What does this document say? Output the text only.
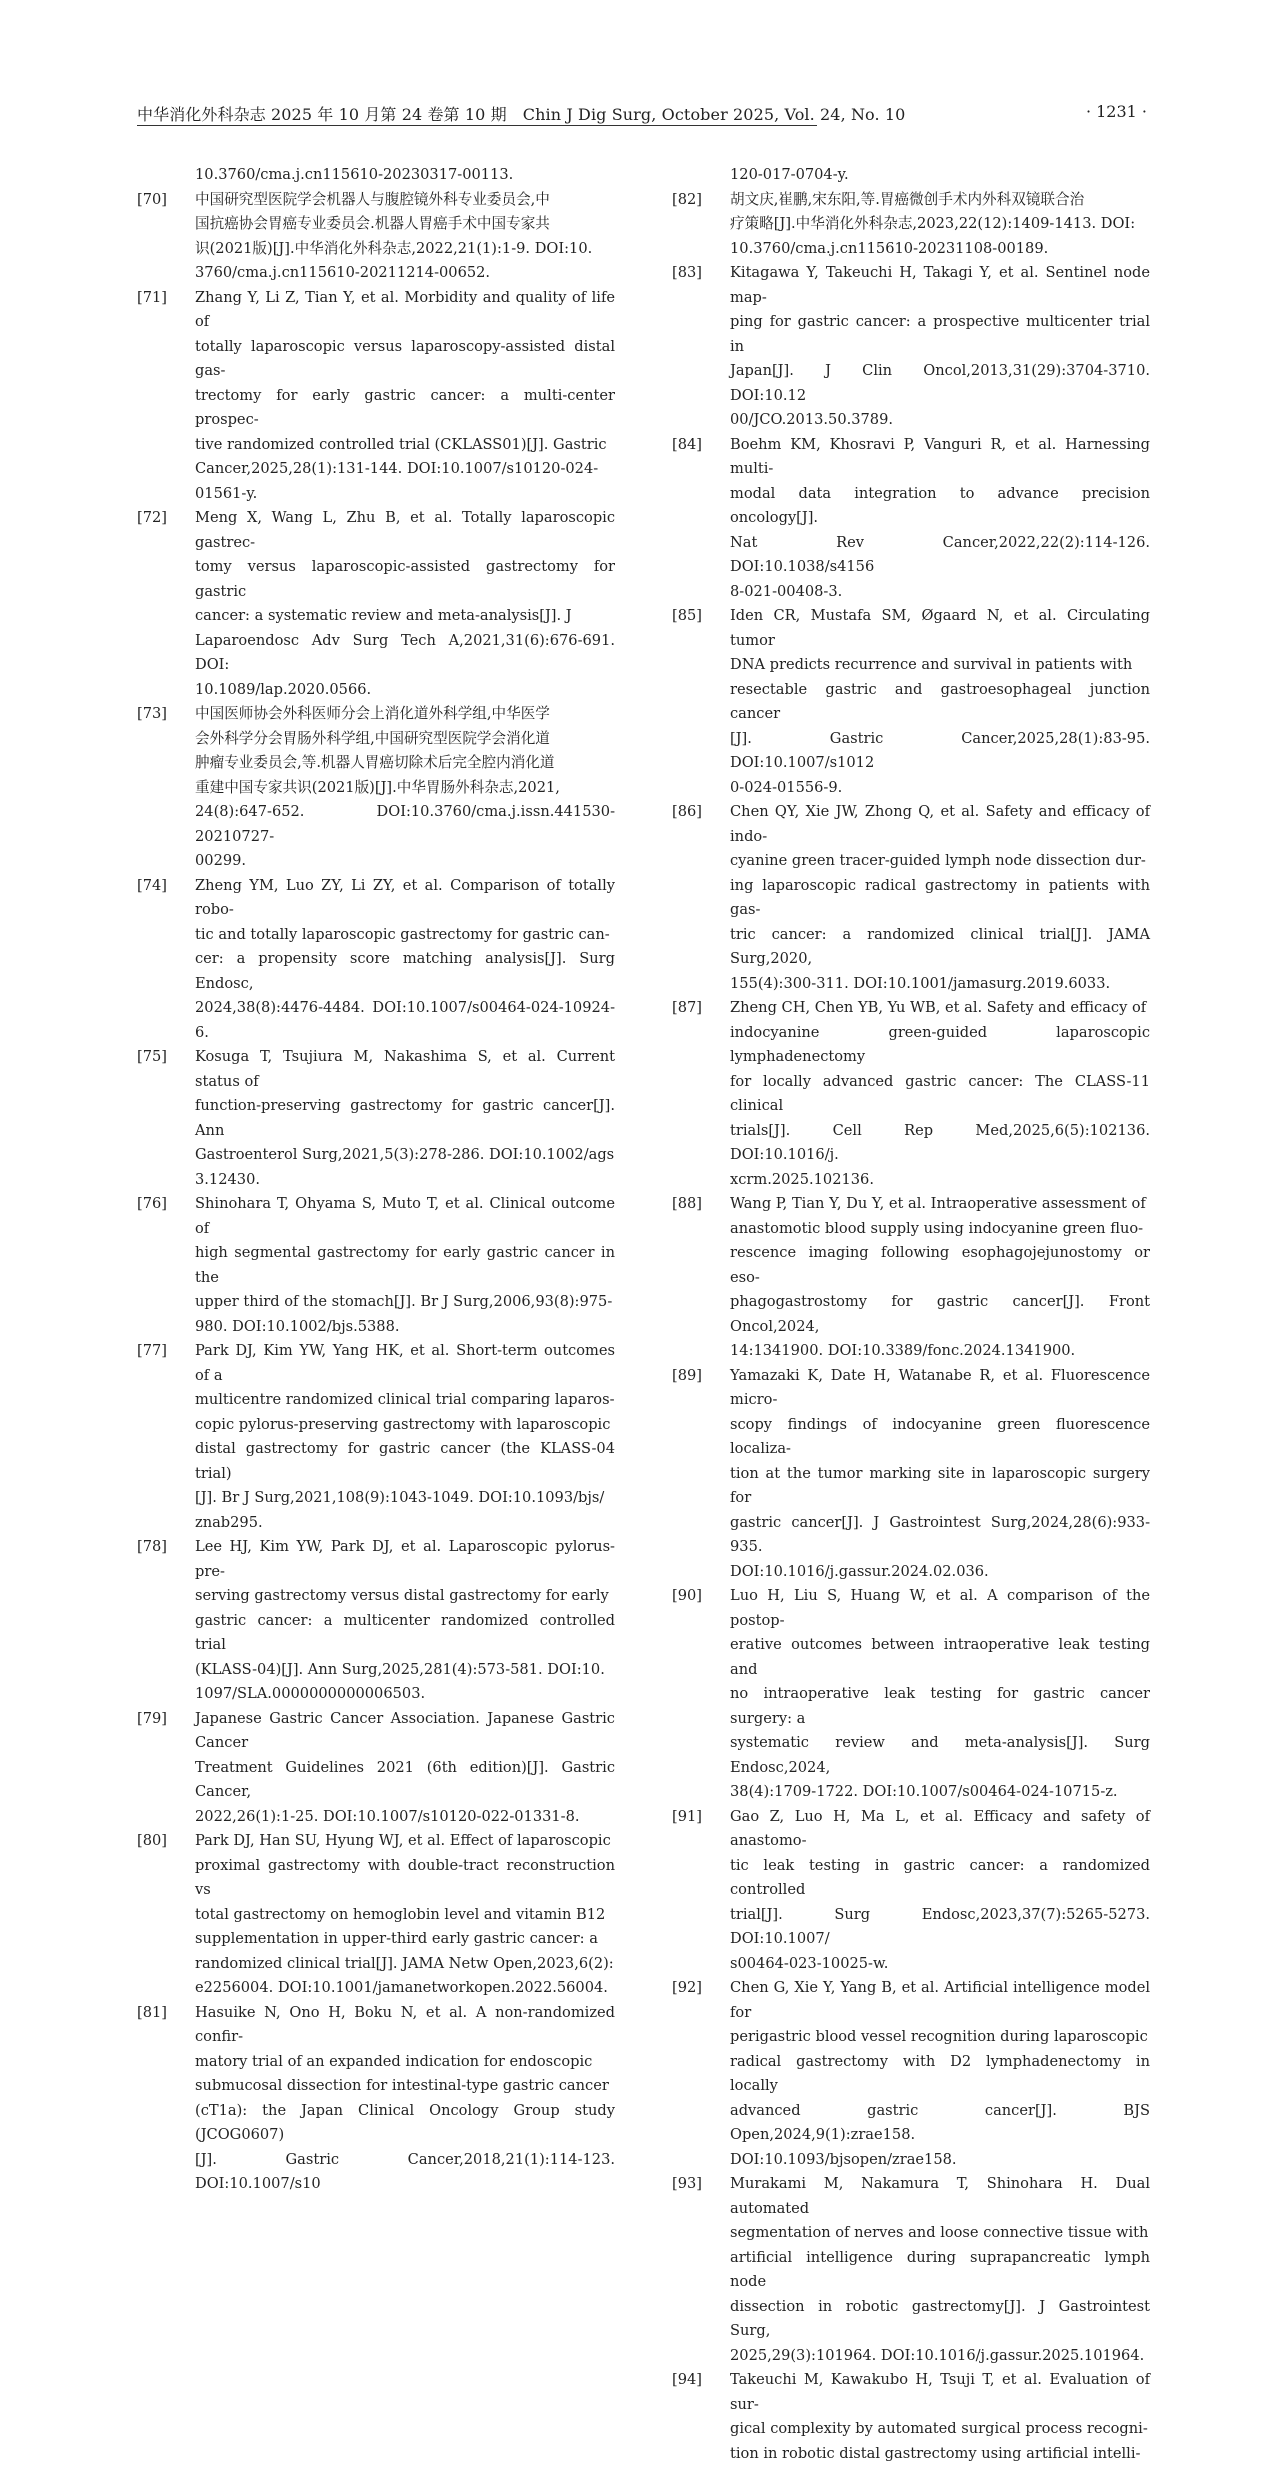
中华消化外科杂志 2025 年 10 月第 24 卷第 10 期　Chin J Dig Surg, October 2025, Vol. 24, No. 10	· 1231 ·
10.3760/cma.j.cn115610-20230317-00113.
[70]	中国研究型医院学会机器人与腹腔镜外科专业委员会,中
国抗癌协会胃癌专业委员会.机器人胃癌手术中国专家共
识(2021版)[J].中华消化外科杂志,2022,21(1):1-9. DOI:10.
3760/cma.j.cn115610-20211214-00652.
[71]	Zhang Y, Li Z, Tian Y, et al. Morbidity and quality of life of
totally laparoscopic versus laparoscopy-assisted distal gas-
trectomy for early gastric cancer: a multi-center prospec-
tive randomized controlled trial (CKLASS01)[J]. Gastric
Cancer,2025,28(1):131-144. DOI:10.1007/s10120-024-
01561-y.
[72]	Meng X, Wang L, Zhu B, et al. Totally laparoscopic gastrec-
tomy versus laparoscopic-assisted gastrectomy for gastric
cancer: a systematic review and meta-analysis[J]. J
Laparoendosc Adv Surg Tech A,2021,31(6):676-691. DOI:
10.1089/lap.2020.0566.
[73]	中国医师协会外科医师分会上消化道外科学组,中华医学
会外科学分会胃肠外科学组,中国研究型医院学会消化道
肿瘤专业委员会,等.机器人胃癌切除术后完全腔内消化道
重建中国专家共识(2021版)[J].中华胃肠外科杂志,2021,
24(8):647-652. DOI:10.3760/cma.j.issn.441530-20210727-
00299.
[74]	Zheng YM, Luo ZY, Li ZY, et al. Comparison of totally robo-
tic and totally laparoscopic gastrectomy for gastric can-
cer: a propensity score matching analysis[J]. Surg Endosc,
2024,38(8):4476-4484. DOI:10.1007/s00464-024-10924-6.
[75]	Kosuga T, Tsujiura M, Nakashima S, et al. Current status of
function-preserving gastrectomy for gastric cancer[J]. Ann
Gastroenterol Surg,2021,5(3):278-286. DOI:10.1002/ags
3.12430.
[76]	Shinohara T, Ohyama S, Muto T, et al. Clinical outcome of
high segmental gastrectomy for early gastric cancer in the
upper third of the stomach[J]. Br J Surg,2006,93(8):975-
980. DOI:10.1002/bjs.5388.
[77]	Park DJ, Kim YW, Yang HK, et al. Short-term outcomes of a
multicentre randomized clinical trial comparing laparos-
copic pylorus-preserving gastrectomy with laparoscopic
distal gastrectomy for gastric cancer (the KLASS-04 trial)
[J]. Br J Surg,2021,108(9):1043-1049. DOI:10.1093/bjs/
znab295.
[78]	Lee HJ, Kim YW, Park DJ, et al. Laparoscopic pylorus-pre-
serving gastrectomy versus distal gastrectomy for early
gastric cancer: a multicenter randomized controlled trial
(KLASS-04)[J]. Ann Surg,2025,281(4):573-581. DOI:10.
1097/SLA.0000000000006503.
[79]	Japanese Gastric Cancer Association. Japanese Gastric Cancer
Treatment Guidelines 2021 (6th edition)[J]. Gastric Cancer,
2022,26(1):1-25. DOI:10.1007/s10120-022-01331-8.
[80]	Park DJ, Han SU, Hyung WJ, et al. Effect of laparoscopic
proximal gastrectomy with double-tract reconstruction vs
total gastrectomy on hemoglobin level and vitamin B12
supplementation in upper-third early gastric cancer: a
randomized clinical trial[J]. JAMA Netw Open,2023,6(2):
e2256004. DOI:10.1001/jamanetworkopen.2022.56004.
[81]	Hasuike N, Ono H, Boku N, et al. A non-randomized confir-
matory trial of an expanded indication for endoscopic
submucosal dissection for intestinal-type gastric cancer
(cT1a): the Japan Clinical Oncology Group study (JCOG0607)
[J]. Gastric Cancer,2018,21(1):114-123. DOI:10.1007/s10
120-017-0704-y.
[82]	胡文庆,崔鹏,宋东阳,等.胃癌微创手术内外科双镜联合治
疗策略[J].中华消化外科杂志,2023,22(12):1409-1413. DOI:
10.3760/cma.j.cn115610-20231108-00189.
[83]	Kitagawa Y, Takeuchi H, Takagi Y, et al. Sentinel node map-
ping for gastric cancer: a prospective multicenter trial in
Japan[J]. J Clin Oncol,2013,31(29):3704-3710. DOI:10.12
00/JCO.2013.50.3789.
[84]	Boehm KM, Khosravi P, Vanguri R, et al. Harnessing multi-
modal data integration to advance precision oncology[J].
Nat Rev Cancer,2022,22(2):114-126. DOI:10.1038/s4156
8-021-00408-3.
[85]	Iden CR, Mustafa SM, Øgaard N, et al. Circulating tumor
DNA predicts recurrence and survival in patients with
resectable gastric and gastroesophageal junction cancer
[J]. Gastric Cancer,2025,28(1):83-95. DOI:10.1007/s1012
0-024-01556-9.
[86]	Chen QY, Xie JW, Zhong Q, et al. Safety and efficacy of indo-
cyanine green tracer-guided lymph node dissection dur-
ing laparoscopic radical gastrectomy in patients with gas-
tric cancer: a randomized clinical trial[J]. JAMA Surg,2020,
155(4):300-311. DOI:10.1001/jamasurg.2019.6033.
[87]	Zheng CH, Chen YB, Yu WB, et al. Safety and efficacy of
indocyanine green-guided laparoscopic lymphadenectomy
for locally advanced gastric cancer: The CLASS-11 clinical
trials[J]. Cell Rep Med,2025,6(5):102136. DOI:10.1016/j.
xcrm.2025.102136.
[88]	Wang P, Tian Y, Du Y, et al. Intraoperative assessment of
anastomotic blood supply using indocyanine green fluo-
rescence imaging following esophagojejunostomy or eso-
phagogastrostomy for gastric cancer[J]. Front Oncol,2024,
14:1341900. DOI:10.3389/fonc.2024.1341900.
[89]	Yamazaki K, Date H, Watanabe R, et al. Fluorescence micro-
scopy findings of indocyanine green fluorescence localiza-
tion at the tumor marking site in laparoscopic surgery for
gastric cancer[J]. J Gastrointest Surg,2024,28(6):933-935.
DOI:10.1016/j.gassur.2024.02.036.
[90]	Luo H, Liu S, Huang W, et al. A comparison of the postop-
erative outcomes between intraoperative leak testing and
no intraoperative leak testing for gastric cancer surgery: a
systematic review and meta-analysis[J]. Surg Endosc,2024,
38(4):1709-1722. DOI:10.1007/s00464-024-10715-z.
[91]	Gao Z, Luo H, Ma L, et al. Efficacy and safety of anastomo-
tic leak testing in gastric cancer: a randomized controlled
trial[J]. Surg Endosc,2023,37(7):5265-5273. DOI:10.1007/
s00464-023-10025-w.
[92]	Chen G, Xie Y, Yang B, et al. Artificial intelligence model for
perigastric blood vessel recognition during laparoscopic
radical gastrectomy with D2 lymphadenectomy in locally
advanced gastric cancer[J]. BJS Open,2024,9(1):zrae158.
DOI:10.1093/bjsopen/zrae158.
[93]	Murakami M, Nakamura T, Shinohara H. Dual automated
segmentation of nerves and loose connective tissue with
artificial intelligence during suprapancreatic lymph node
dissection in robotic gastrectomy[J]. J Gastrointest Surg,
2025,29(3):101964. DOI:10.1016/j.gassur.2025.101964.
[94]	Takeuchi M, Kawakubo H, Tsuji T, et al. Evaluation of sur-
gical complexity by automated surgical process recogni-
tion in robotic distal gastrectomy using artificial intelli-
